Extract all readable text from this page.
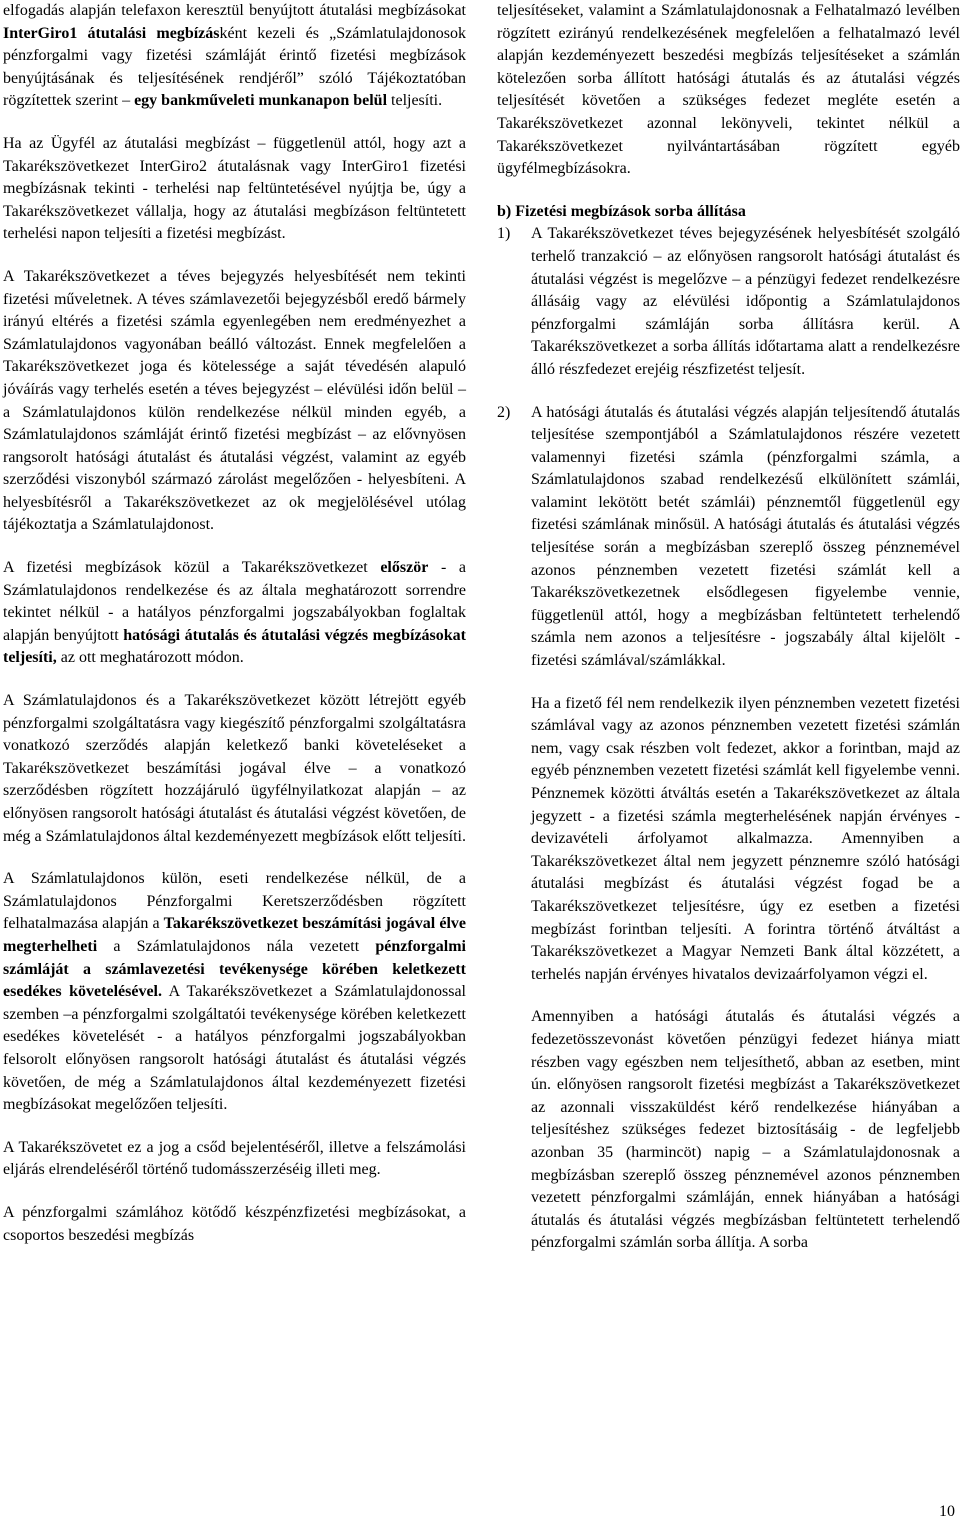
elfogadás alapján telefaxon keresztül benyújtott átutalási megbízásokat InterGiro1 átutalási megbízásként kezeli és „Számlatulajdonosok pénzforgalmi vagy fizetési számláját érintő fizetési megbízások benyújtásának és teljesítésének rendjéről” szóló Tájékoztatóban rögzítettek szerint – egy bankműveleti munkanapon belül teljesíti.

Ha az Ügyfél az átutalási megbízást – függetlenül attól, hogy azt a Takarékszövetkezet InterGiro2 átutalásnak vagy InterGiro1 fizetési megbízásnak tekinti - terhelési nap feltüntetésével nyújtja be, úgy a Takarékszövetkezet vállalja, hogy az átutalási megbízáson feltüntetett terhelési napon teljesíti a fizetési megbízást.

A Takarékszövetkezet a téves bejegyzés helyesbítését nem tekinti fizetési műveletnek. A téves számlavezetői bejegyzésből eredő bármely irányú eltérés a fizetési számla egyenlegében nem eredményezhet a Számlatulajdonos vagyonában beálló változást. Ennek megfelelően a Takarékszövetkezet joga és kötelessége a saját tévedésén alapuló jóváírás vagy terhelés esetén a téves bejegyzést – elévülési időn belül – a Számlatulajdonos külön rendelkezése nélkül minden egyéb, a Számlatulajdonos számláját érintő fizetési megbízást – az elővnyösen rangsorolt hatósági átutalást és átutalási végzést, valamint az egyéb szerződési viszonyból származó zárolást megelőzően - helyesbíteni. A helyesbítésről a Takarékszövetkezet az ok megjelölésével utólag tájékoztatja a Számlatulajdonost.

A fizetési megbízások közül a Takarékszövetkezet először - a Számlatulajdonos rendelkezése és az általa meghatározott sorrendre tekintet nélkül - a hatályos pénzforgalmi jogszabályokban foglaltak alapján benyújtott hatósági átutalás és átutalási végzés megbízásokat teljesíti, az ott meghatározott módon.

A Számlatulajdonos és a Takarékszövetkezet között létrejött egyéb pénzforgalmi szolgáltatásra vagy kiegészítő pénzforgalmi szolgáltatásra vonatkozó szerződés alapján keletkező banki követeléseket a Takarékszövetkezet beszámítási jogával élve – a vonatkozó szerződésben rögzített hozzájáruló ügyfélnyilatkozat alapján – az előnyösen rangsorolt hatósági átutalást és átutalási végzést követően, de még a Számlatulajdonos által kezdeményezett megbízások előtt teljesíti.

A Számlatulajdonos külön, eseti rendelkezése nélkül, de a Számlatulajdonos Pénzforgalmi Keretszerződésben rögzített felhatalmazása alapján a Takarékszövetkezet beszámítási jogával élve megterhelheti a Számlatulajdonos nála vezetett pénzforgalmi számláját a számlavezetési tevékenysége körében keletkezett esedékes követelésével. A Takarékszövetkezet a Számlatulajdonossal szemben –a pénzforgalmi szolgáltatói tevékenysége körében keletkezett esedékes követelését - a hatályos pénzforgalmi jogszabályokban felsorolt előnyösen rangsorolt hatósági átutalást és átutalási végzés követően, de még a Számlatulajdonos által kezdeményezett fizetési megbízásokat megelőzően teljesíti.

A Takarékszövetet ez a jog a csőd bejelentéséről, illetve a felszámolási eljárás elrendeléséről történő tudomásszerzéséig illeti meg.

A pénzforgalmi számlához kötődő készpénzfizetési megbízásokat, a csoportos beszedési megbízás

teljesítéseket, valamint a Számlatulajdonosnak a Felhatalmazó levélben rögzített ezirányú rendelkezésének megfelelően a felhatalmazó levél alapján kezdeményezett beszedési megbízás teljesítéseket a számlán kötelezően sorba állított hatósági átutalás és az átutalási végzés teljesítését követően a szükséges fedezet megléte esetén a Takarékszövetkezet azonnal lekönyveli, tekintet nélkül a Takarékszövetkezet nyilvántartásában rögzített egyéb ügyfélmegbízásokra.

b) Fizetési megbízások sorba állítása

1) A Takarékszövetkezet téves bejegyzésének helyesbítését szolgáló terhelő tranzakció – az előnyösen rangsorolt hatósági átutalást és átutalási végzést is megelőzve – a pénzügyi fedezet rendelkezésre állásáig vagy az elévülési időpontig a Számlatulajdonos pénzforgalmi számláján sorba állításra kerül. A Takarékszövetkezet a sorba állítás időtartama alatt a rendelkezésre álló részfedezet erejéig részfizetést teljesít.

2) A hatósági átutalás és átutalási végzés alapján teljesítendő átutalás teljesítése szempontjából a Számlatulajdonos részére vezetett valamennyi fizetési számla (pénzforgalmi számla, a Számlatulajdonos szabad rendelkezésű elkülönített számlái, valamint lekötött betét számlái) pénznemtől függetlenül egy fizetési számlának minősül. A hatósági átutalás és átutalási végzés teljesítése során a megbízásban szereplő összeg pénznemével azonos pénznemben vezetett fizetési számlát kell a Takarékszövetkezetnek elsődlegesen figyelembe vennie, függetlenül attól, hogy a megbízásban feltüntetett terhelendő számla nem azonos a teljesítésre - jogszabály által kijelölt - fizetési számlával/számlákkal.

Ha a fizető fél nem rendelkezik ilyen pénznemben vezetett fizetési számlával vagy az azonos pénznemben vezetett fizetési számlán nem, vagy csak részben volt fedezet, akkor a forintban, majd az egyéb pénznemben vezetett fizetési számlát kell figyelembe venni. Pénznemek közötti átváltás esetén a Takarékszövetkezet az általa jegyzett - a fizetési számla megterhelésének napján érvényes - devizavételi árfolyamot alkalmazza. Amennyiben a Takarékszövetkezet által nem jegyzett pénznemre szóló hatósági átutalási megbízást és átutalási végzést fogad be a Takarékszövetkezet teljesítésre, úgy ez esetben a fizetési megbízást forintban teljesíti. A forintra történő átváltást a Takarékszövetkezet a Magyar Nemzeti Bank által közzétett, a terhelés napján érvényes hivatalos devizaárfolyamon végzi el.

Amennyiben a hatósági átutalás és átutalási végzés a fedezetösszevonást követően pénzügyi fedezet hiánya miatt részben vagy egészben nem teljesíthető, abban az esetben, mint ún. előnyösen rangsorolt fizetési megbízást a Takarékszövetkezet az azonnali visszaküldést kérő rendelkezése hiányában a teljesítéshez szükséges fedezet biztosításáig - de legfeljebb azonban 35 (harmincöt) napig – a Számlatulajdonosnak a megbízásban szereplő összeg pénznemével azonos pénznemben vezetett pénzforgalmi számláján, ennek hiányában a hatósági átutalás és átutalási végzés megbízásban feltüntetett terhelendő pénzforgalmi számlán sorba állítja. A sorba

10
